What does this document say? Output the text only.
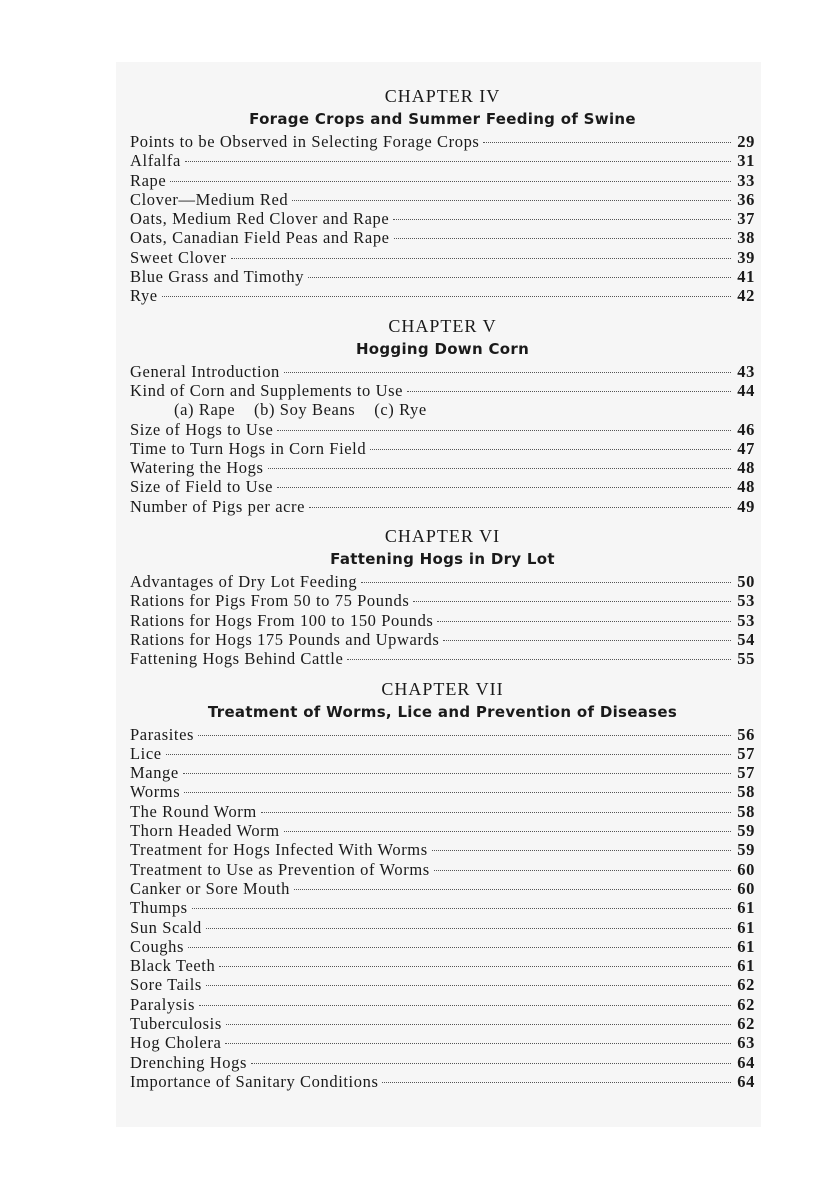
CHAPTER IV

Forage Crops and Summer Feeding of Swine

Points to be Observed in Selecting Forage Crops	29
Alfalfa	31
Rape	33
Clover—Medium Red	36
Oats, Medium Red Clover and Rape	37
Oats, Canadian Field Peas and Rape	38
Sweet Clover	39
Blue Grass and Timothy	41
Rye	42

CHAPTER V

Hogging Down Corn

General Introduction	43
Kind of Corn and Supplements to Use	44
(a) Rape    (b) Soy Beans    (c) Rye
Size of Hogs to Use	46
Time to Turn Hogs in Corn Field	47
Watering the Hogs	48
Size of Field to Use	48
Number of Pigs per acre	49

CHAPTER VI

Fattening Hogs in Dry Lot

Advantages of Dry Lot Feeding	50
Rations for Pigs From 50 to 75 Pounds	53
Rations for Hogs From 100 to 150 Pounds	53
Rations for Hogs 175 Pounds and Upwards	54
Fattening Hogs Behind Cattle	55

CHAPTER VII

Treatment of Worms, Lice and Prevention of Diseases

Parasites	56
Lice	57
Mange	57
Worms	58
The Round Worm	58
Thorn Headed Worm	59
Treatment for Hogs Infected With Worms	59
Treatment to Use as Prevention of Worms	60
Canker or Sore Mouth	60
Thumps	61
Sun Scald	61
Coughs	61
Black Teeth	61
Sore Tails	62
Paralysis	62
Tuberculosis	62
Hog Cholera	63
Drenching Hogs	64
Importance of Sanitary Conditions	64
